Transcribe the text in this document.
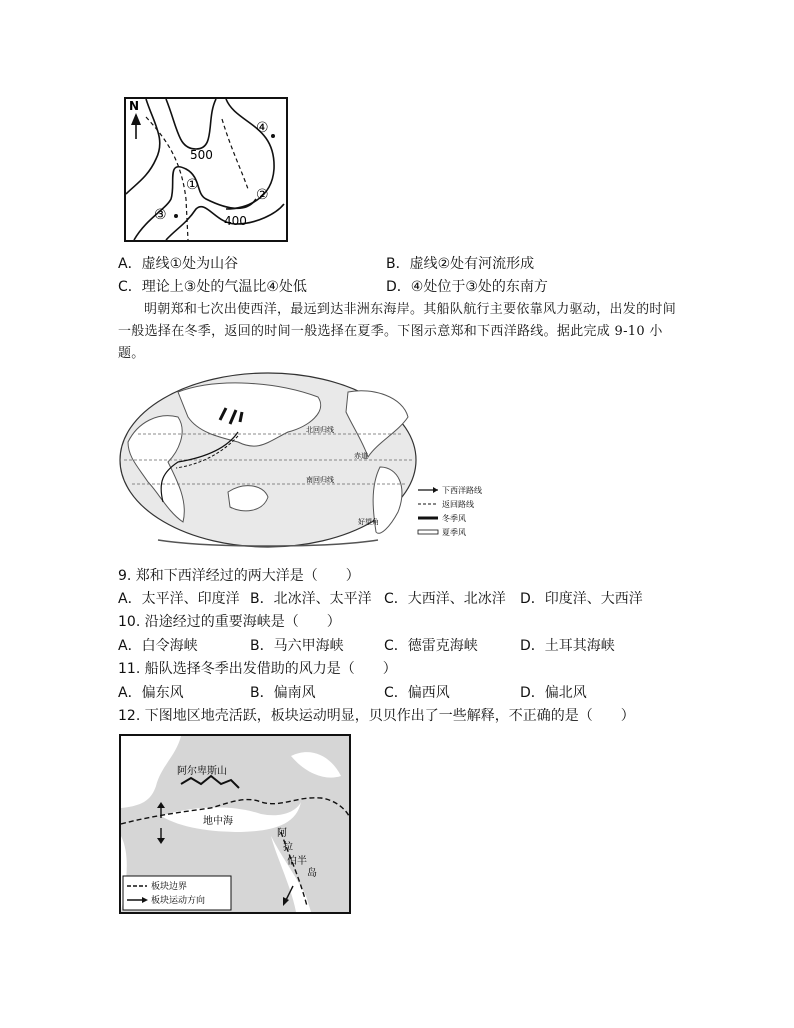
N
500
400
①
②
③
④
A．虚线①处为山谷	B．虚线②处有河流形成
C．理论上③处的气温比④处低	D．④处位于③处的东南方
明朝郑和七次出使西洋，最远到达非洲东海岸。其船队航行主要依靠风力驱动，出发的时间一般选择在冬季，返回的时间一般选择在夏季。下图示意郑和下西洋路线。据此完成 9-10 小题。
北回归线
赤道
南回归线
好望角
下西洋路线
返回路线
冬季风
夏季风
9. 郑和下西洋经过的两大洋是（　　）
A．太平洋、印度洋 B．北冰洋、太平洋 C．大西洋、北冰洋 D．印度洋、大西洋
10. 沿途经过的重要海峡是（　　）
A．白令海峡	B．马六甲海峡	C．德雷克海峡	D．土耳其海峡
11. 船队选择冬季出发借助的风力是（　　）
A．偏东风	B．偏南风	C．偏西风	D．偏北风
12. 下图地区地壳活跃，板块运动明显，贝贝作出了一些解释，不正确的是（　　）
阿尔卑斯山
地中海
阿
拉
伯半
岛
板块边界
板块运动方向
